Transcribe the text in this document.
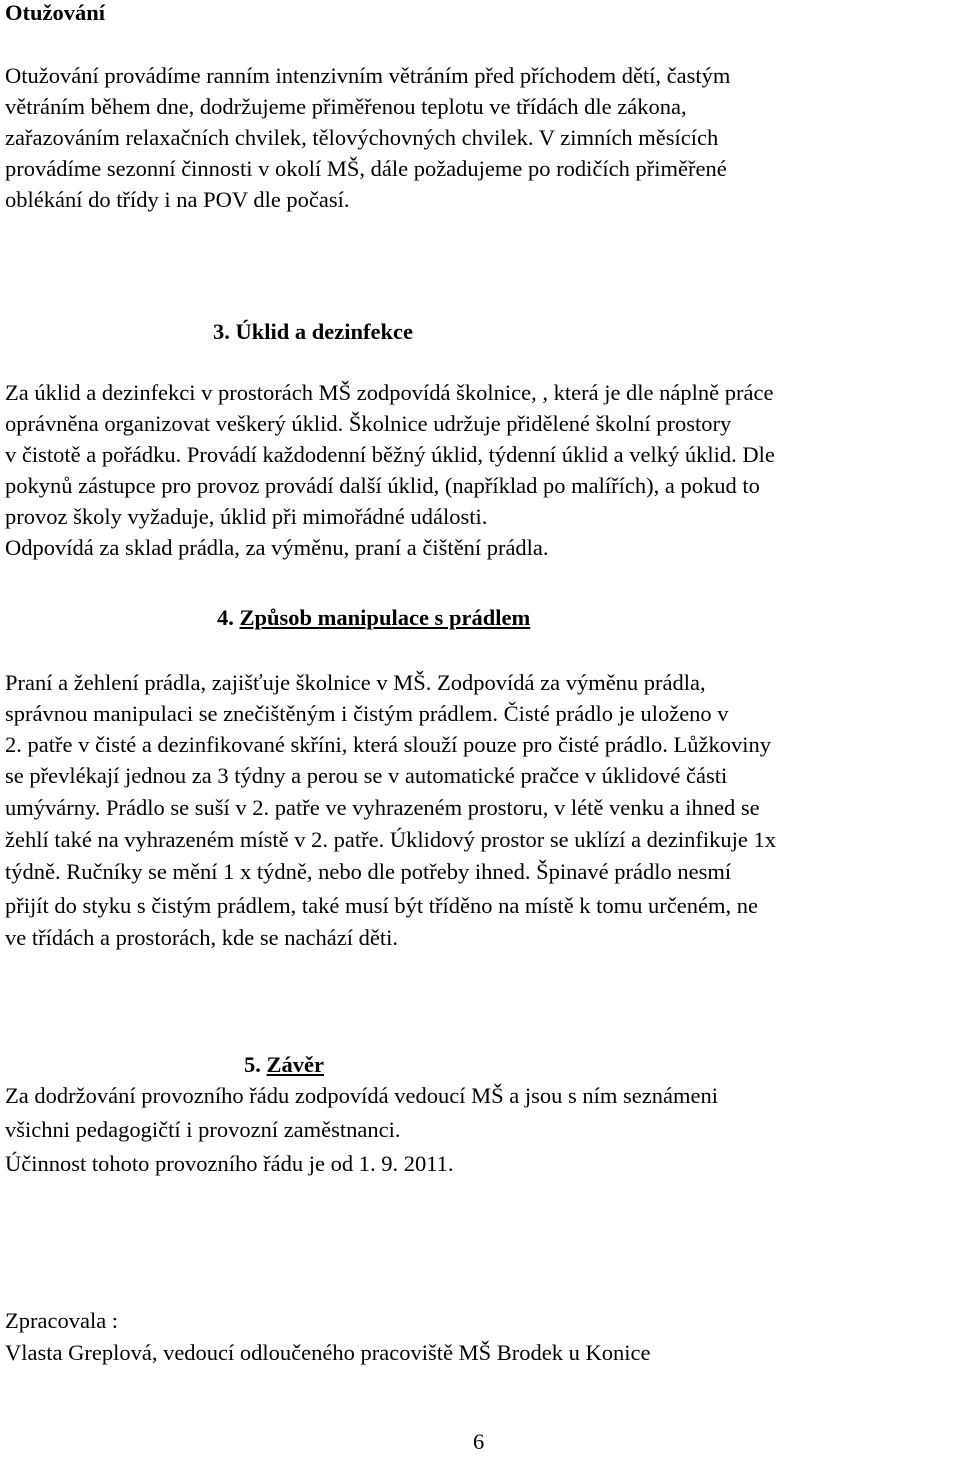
Otužování

Otužování provádíme ranním intenzivním větráním před příchodem dětí, častým

větráním během dne, dodržujeme přiměřenou teplotu ve třídách dle zákona,

zařazováním relaxačních chvilek, tělovýchovných chvilek. V zimních měsících

provádíme sezonní činnosti v okolí MŠ, dále požadujeme po rodičích přiměřené

oblékání do třídy i na POV dle počasí.

3. Úklid a dezinfekce

Za úklid a dezinfekci v prostorách MŠ zodpovídá školnice, , která je dle náplně práce

oprávněna organizovat veškerý úklid. Školnice udržuje přidělené školní prostory

v čistotě a pořádku. Provádí každodenní běžný úklid, týdenní úklid a velký úklid. Dle

pokynů zástupce pro provoz provádí další úklid, (například po malířích), a pokud to

provoz školy vyžaduje, úklid při mimořádné události.

Odpovídá za sklad prádla, za výměnu, praní a čištění prádla.

4. Způsob manipulace s prádlem

Praní a žehlení prádla, zajišťuje školnice v MŠ. Zodpovídá za výměnu prádla,

správnou manipulaci se znečištěným i čistým prádlem. Čisté prádlo je uloženo v

2. patře v čisté a dezinfikované skříni, která slouží pouze pro čisté prádlo. Lůžkoviny

se převlékají jednou za 3 týdny a perou se v automatické pračce v úklidové části

umývárny. Prádlo se suší v 2. patře ve vyhrazeném prostoru, v létě venku a ihned se

žehlí také na vyhrazeném místě v 2. patře. Úklidový prostor se uklízí a dezinfikuje 1x

týdně. Ručníky se mění 1 x týdně, nebo dle potřeby ihned. Špinavé prádlo nesmí

přijít do styku s čistým prádlem, také musí být tříděno na místě k tomu určeném, ne

ve třídách a prostorách, kde se nachází děti.

5. Závěr

Za dodržování provozního řádu zodpovídá vedoucí MŠ a jsou s ním seznámeni

všichni pedagogičtí i provozní zaměstnanci.

Účinnost tohoto provozního řádu je od 1. 9. 2011.

Zpracovala :

Vlasta Greplová, vedoucí odloučeného pracoviště MŠ Brodek u Konice

6
